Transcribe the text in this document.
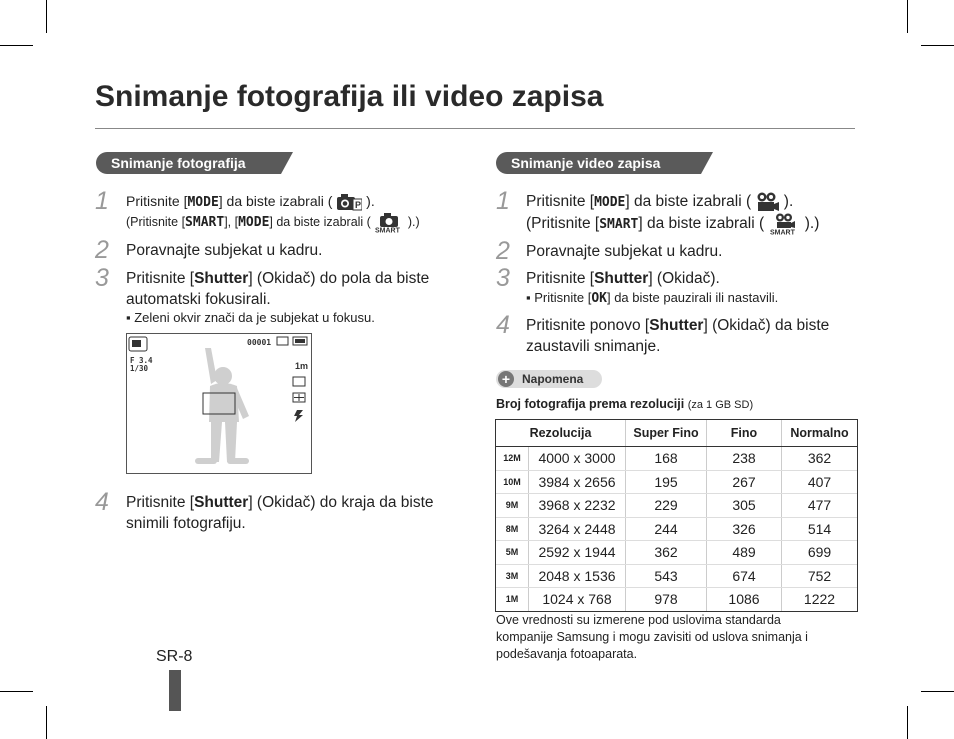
Snimanje fotografija ili video zapisa
Snimanje fotografija
1 Pritisnite [MODE] da biste izabrali (	P ).
(Pritisnite [SMART], [MODE] da biste izabrali (
SMART
).)
2 Poravnajte subjekat u kadru.
3 Pritisnite [Shutter] (Okidač) do pola da biste
automatski fokusirali.
▪ Zeleni okvir znači da je subjekat u fokusu.
00001
F 3.4
1/30	1m
4 Pritisnite [Shutter] (Okidač) do kraja da biste
snimili fotografiju.
SR-8
Snimanje video zapisa
1 Pritisnite [MODE] da biste izabrali ( ).
(Pritisnite [SMART] da biste izabrali (
SMART
).)
2 Poravnajte subjekat u kadru.
3 Pritisnite [Shutter] (Okidač).
▪ Pritisnite [OK] da biste pauzirali ili nastavili.
4 Pritisnite ponovo [Shutter] (Okidač) da biste
zaustavili snimanje.
+ Napomena
Broj fotografija prema rezoluciji (za 1 GB SD)
Rezolucija		Super Fino	Fino	Normalno
12M	4000 x 3000	168	238	362
10M	3984 x 2656	195	267	407
9M	3968 x 2232	229	305	477
8M	3264 x 2448	244	326	514
5M	2592 x 1944	362	489	699
3M	2048 x 1536	543	674	752
1M	1024 x 768	978	1086	1222
Ove vrednosti su izmerene pod uslovima standarda
kompanije Samsung i mogu zavisiti od uslova snimanja i
podešavanja fotoaparata.
